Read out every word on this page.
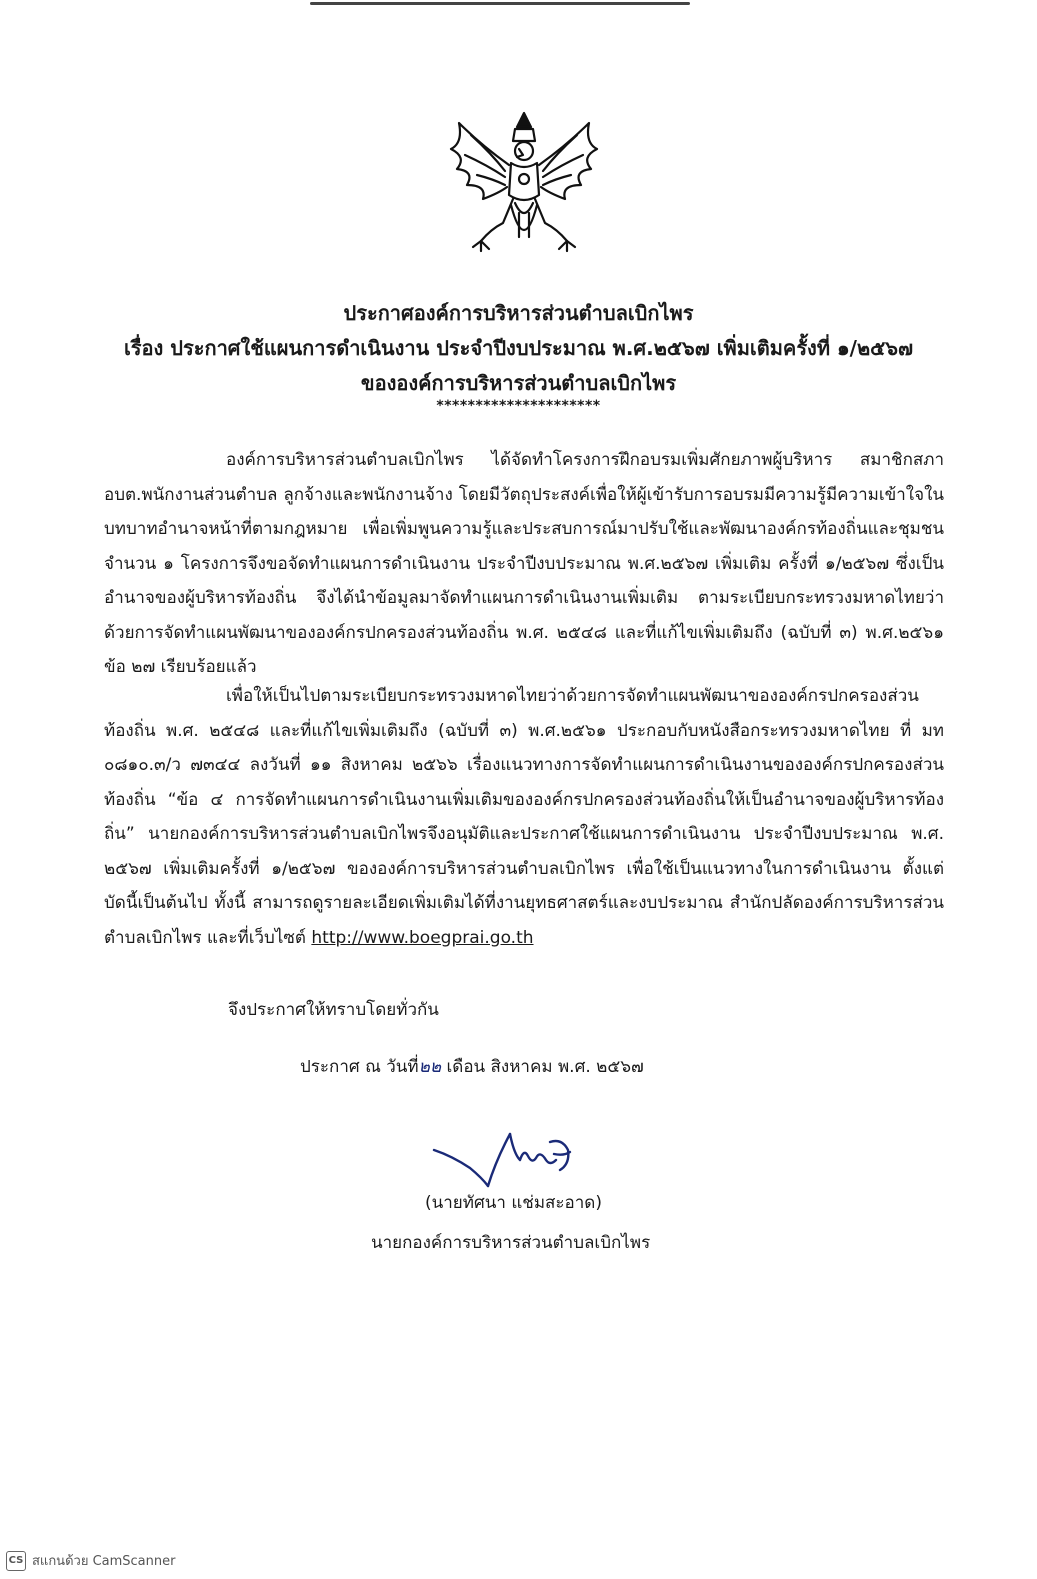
ประกาศองค์การบริหารส่วนตำบลเบิกไพร
เรื่อง ประกาศใช้แผนการดำเนินงาน ประจำปีงบประมาณ พ.ศ.๒๕๖๗ เพิ่มเติมครั้งที่ ๑/๒๕๖๗
ขององค์การบริหารส่วนตำบลเบิกไพร
*********************
องค์การบริหารส่วนตำบลเบิกไพร ได้จัดทำโครงการฝึกอบรมเพิ่มศักยภาพผู้บริหาร สมาชิกสภา อบต.พนักงานส่วนตำบล ลูกจ้างและพนักงานจ้าง โดยมีวัตถุประสงค์เพื่อให้ผู้เข้ารับการอบรมมีความรู้มีความเข้าใจในบทบาทอำนาจหน้าที่ตามกฎหมาย เพื่อเพิ่มพูนความรู้และประสบการณ์มาปรับใช้และพัฒนาองค์กรท้องถิ่นและชุมชน จำนวน ๑ โครงการจึงขอจัดทำแผนการดำเนินงาน ประจำปีงบประมาณ พ.ศ.๒๕๖๗ เพิ่มเติม ครั้งที่ ๑/๒๕๖๗ ซึ่งเป็นอำนาจของผู้บริหารท้องถิ่น จึงได้นำข้อมูลมาจัดทำแผนการดำเนินงานเพิ่มเติม ตามระเบียบกระทรวงมหาดไทยว่าด้วยการจัดทำแผนพัฒนาขององค์กรปกครองส่วนท้องถิ่น พ.ศ. ๒๕๔๘ และที่แก้ไขเพิ่มเติมถึง (ฉบับที่ ๓) พ.ศ.๒๕๖๑ ข้อ ๒๗ เรียบร้อยแล้ว
เพื่อให้เป็นไปตามระเบียบกระทรวงมหาดไทยว่าด้วยการจัดทำแผนพัฒนาขององค์กรปกครองส่วนท้องถิ่น พ.ศ. ๒๕๔๘ และที่แก้ไขเพิ่มเติมถึง (ฉบับที่ ๓) พ.ศ.๒๕๖๑ ประกอบกับหนังสือกระทรวงมหาดไทย ที่ มท ๐๘๑๐.๓/ว ๗๓๔๔ ลงวันที่ ๑๑ สิงหาคม ๒๕๖๖ เรื่องแนวทางการจัดทำแผนการดำเนินงานขององค์กรปกครองส่วนท้องถิ่น “ข้อ ๔ การจัดทำแผนการดำเนินงานเพิ่มเติมขององค์กรปกครองส่วนท้องถิ่นให้เป็นอำนาจของผู้บริหารท้องถิ่น” นายกองค์การบริหารส่วนตำบลเบิกไพรจึงอนุมัติและประกาศใช้แผนการดำเนินงาน ประจำปีงบประมาณ พ.ศ. ๒๕๖๗ เพิ่มเติมครั้งที่ ๑/๒๕๖๗ ขององค์การบริหารส่วนตำบลเบิกไพร เพื่อใช้เป็นแนวทางในการดำเนินงาน ตั้งแต่บัดนี้เป็นต้นไป ทั้งนี้ สามารถดูรายละเอียดเพิ่มเติมได้ที่งานยุทธศาสตร์และงบประมาณ สำนักปลัดองค์การบริหารส่วนตำบลเบิกไพร และที่เว็บไซต์ http://www.boegprai.go.th
จึงประกาศให้ทราบโดยทั่วกัน
ประกาศ ณ วันที่๒๒ เดือน สิงหาคม พ.ศ. ๒๕๖๗
(นายทัศนา แช่มสะอาด)
นายกองค์การบริหารส่วนตำบลเบิกไพร
CS สแกนด้วย CamScanner
